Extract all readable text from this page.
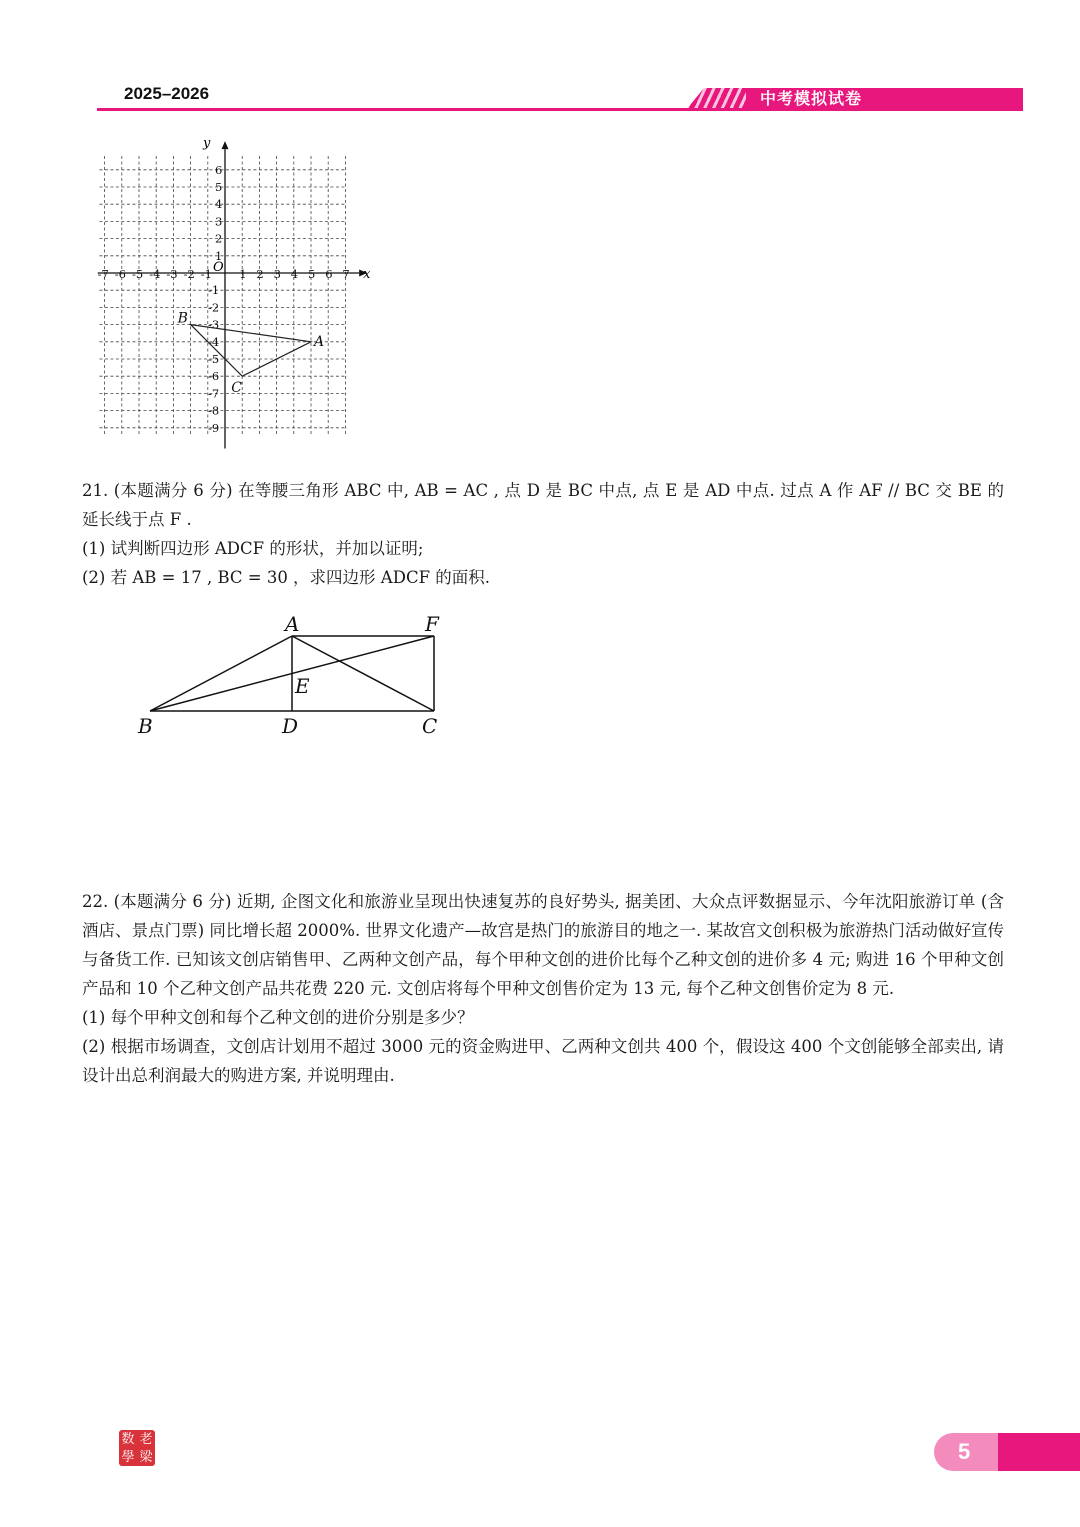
2025–2026	中考模拟试卷
-7 -6 -5 -4 -3 -2 -1 1 2 3 4 5 6 7
6
5
4
3
2
1
-1
-2
-3
-4
-5
-6
-7
-8
-9
x
y
O
B
A
C

21. (本题满分 6 分) 在等腰三角形 ABC 中, AB = AC , 点 D 是 BC 中点, 点 E 是 AD 中点. 过点 A 作 AF // BC 交 BE 的延长线于点 F .

(1) 试判断四边形 ADCF 的形状，并加以证明;

(2) 若 AB = 17 , BC = 30 ，求四边形 ADCF 的面积.

A	F
E
B	D	C

22. (本题满分 6 分) 近期, 企图文化和旅游业呈现出快速复苏的良好势头, 据美团、大众点评数据显示、今年沈阳旅游订单 (含酒店、景点门票) 同比增长超 2000%. 世界文化遗产—故宫是热门的旅游目的地之一. 某故宫文创积极为旅游热门活动做好宣传与备货工作. 已知该文创店销售甲、乙两种文创产品，每个甲种文创的进价比每个乙种文创的进价多 4 元; 购进 16 个甲种文创产品和 10 个乙种文创产品共花费 220 元. 文创店将每个甲种文创售价定为 13 元, 每个乙种文创售价定为 8 元.

(1) 每个甲种文创和每个乙种文创的进价分别是多少？

(2) 根据市场调查，文创店计划用不超过 3000 元的资金购进甲、乙两种文创共 400 个，假设这 400 个文创能够全部卖出, 请设计出总利润最大的购进方案, 并说明理由.

数 老
學 梁	5
